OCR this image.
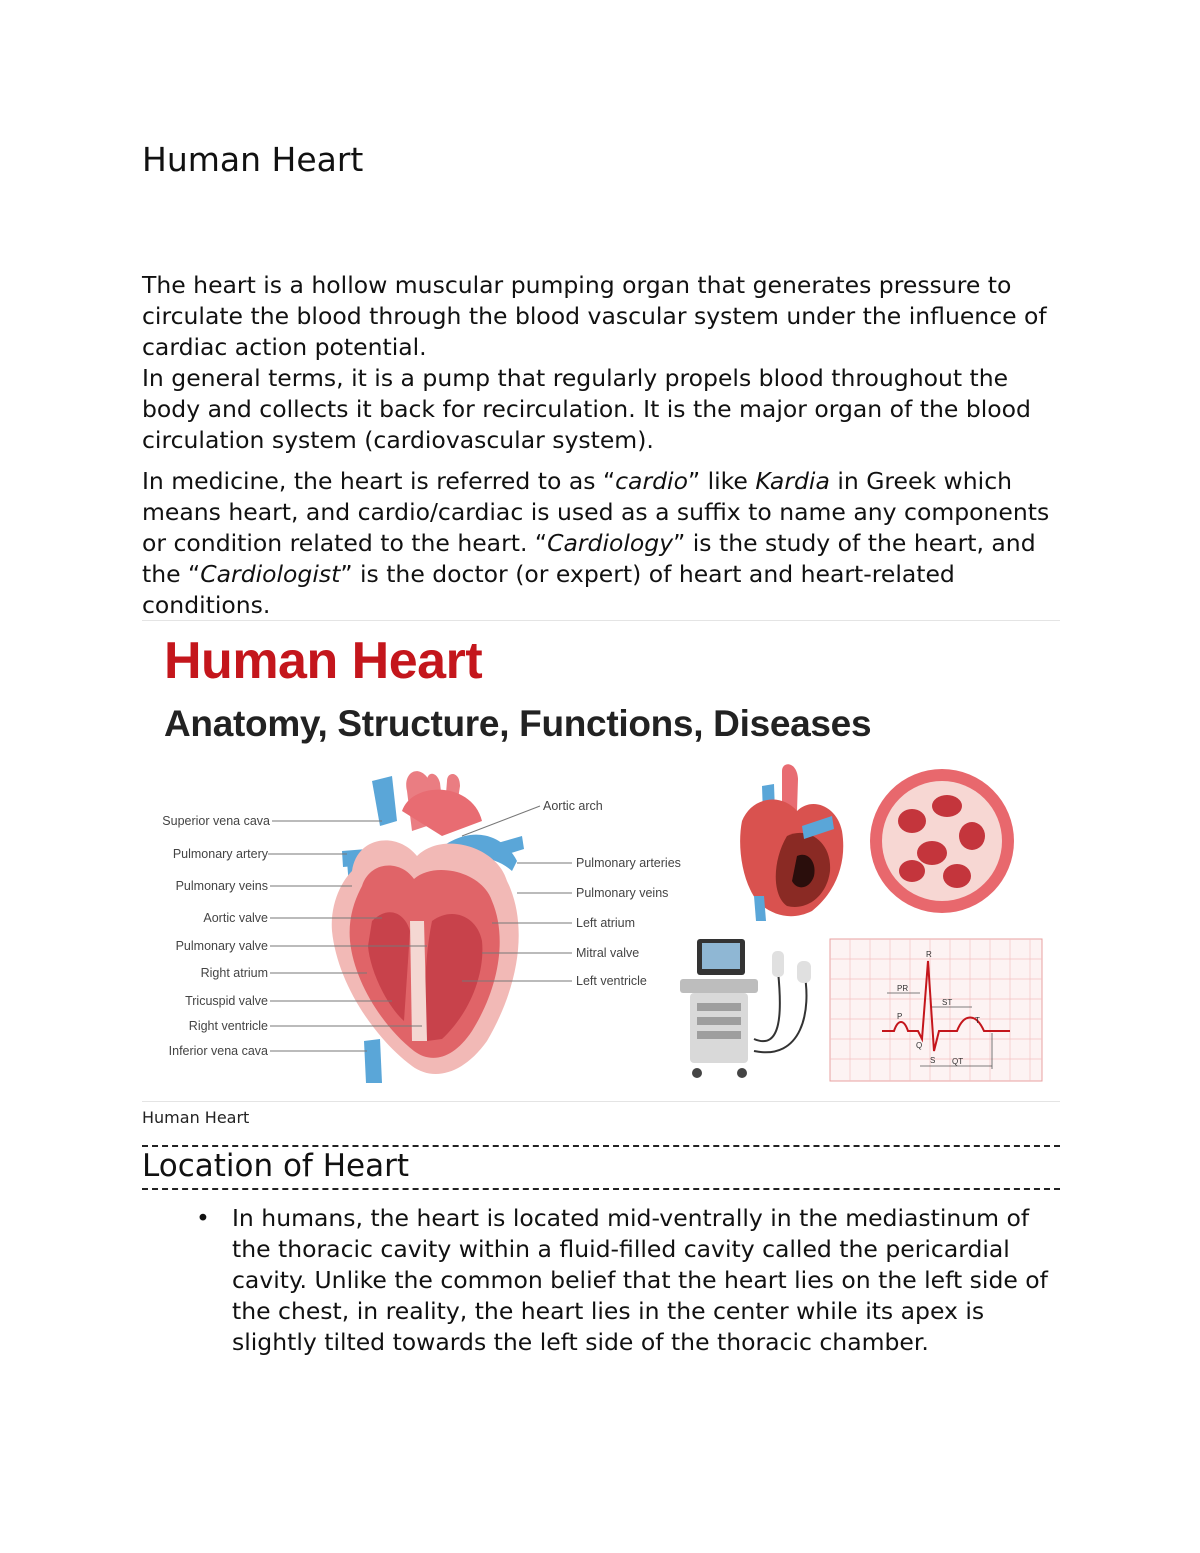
Human Heart

The heart is a hollow muscular pumping organ that generates pressure to circulate the blood through the blood vascular system under the influence of cardiac action potential.
In general terms, it is a pump that regularly propels blood throughout the body and collects it back for recirculation. It is the major organ of the blood circulation system (cardiovascular system).

In medicine, the heart is referred to as “cardio” like Kardia in Greek which means heart, and cardio/cardiac is used as a suffix to name any components or condition related to the heart. “Cardiology” is the study of the heart, and the “Cardiologist” is the doctor (or expert) of heart and heart-related conditions.

Human Heart
Anatomy, Structure, Functions, Diseases
Superior vena cava
Pulmonary artery
Pulmonary veins
Aortic valve
Pulmonary valve
Right atrium
Tricuspid valve
Right ventricle
Inferior vena cava
Aortic arch
Pulmonary arteries
Pulmonary veins
Left atrium
Mitral valve
Left ventricle
R
P
Q
S
T
PR
ST
QT
Human Heart
Location of Heart
• In humans, the heart is located mid-ventrally in the mediastinum of the thoracic cavity within a fluid-filled cavity called the pericardial cavity. Unlike the common belief that the heart lies on the left side of the chest, in reality, the heart lies in the center while its apex is slightly tilted towards the left side of the thoracic chamber.
